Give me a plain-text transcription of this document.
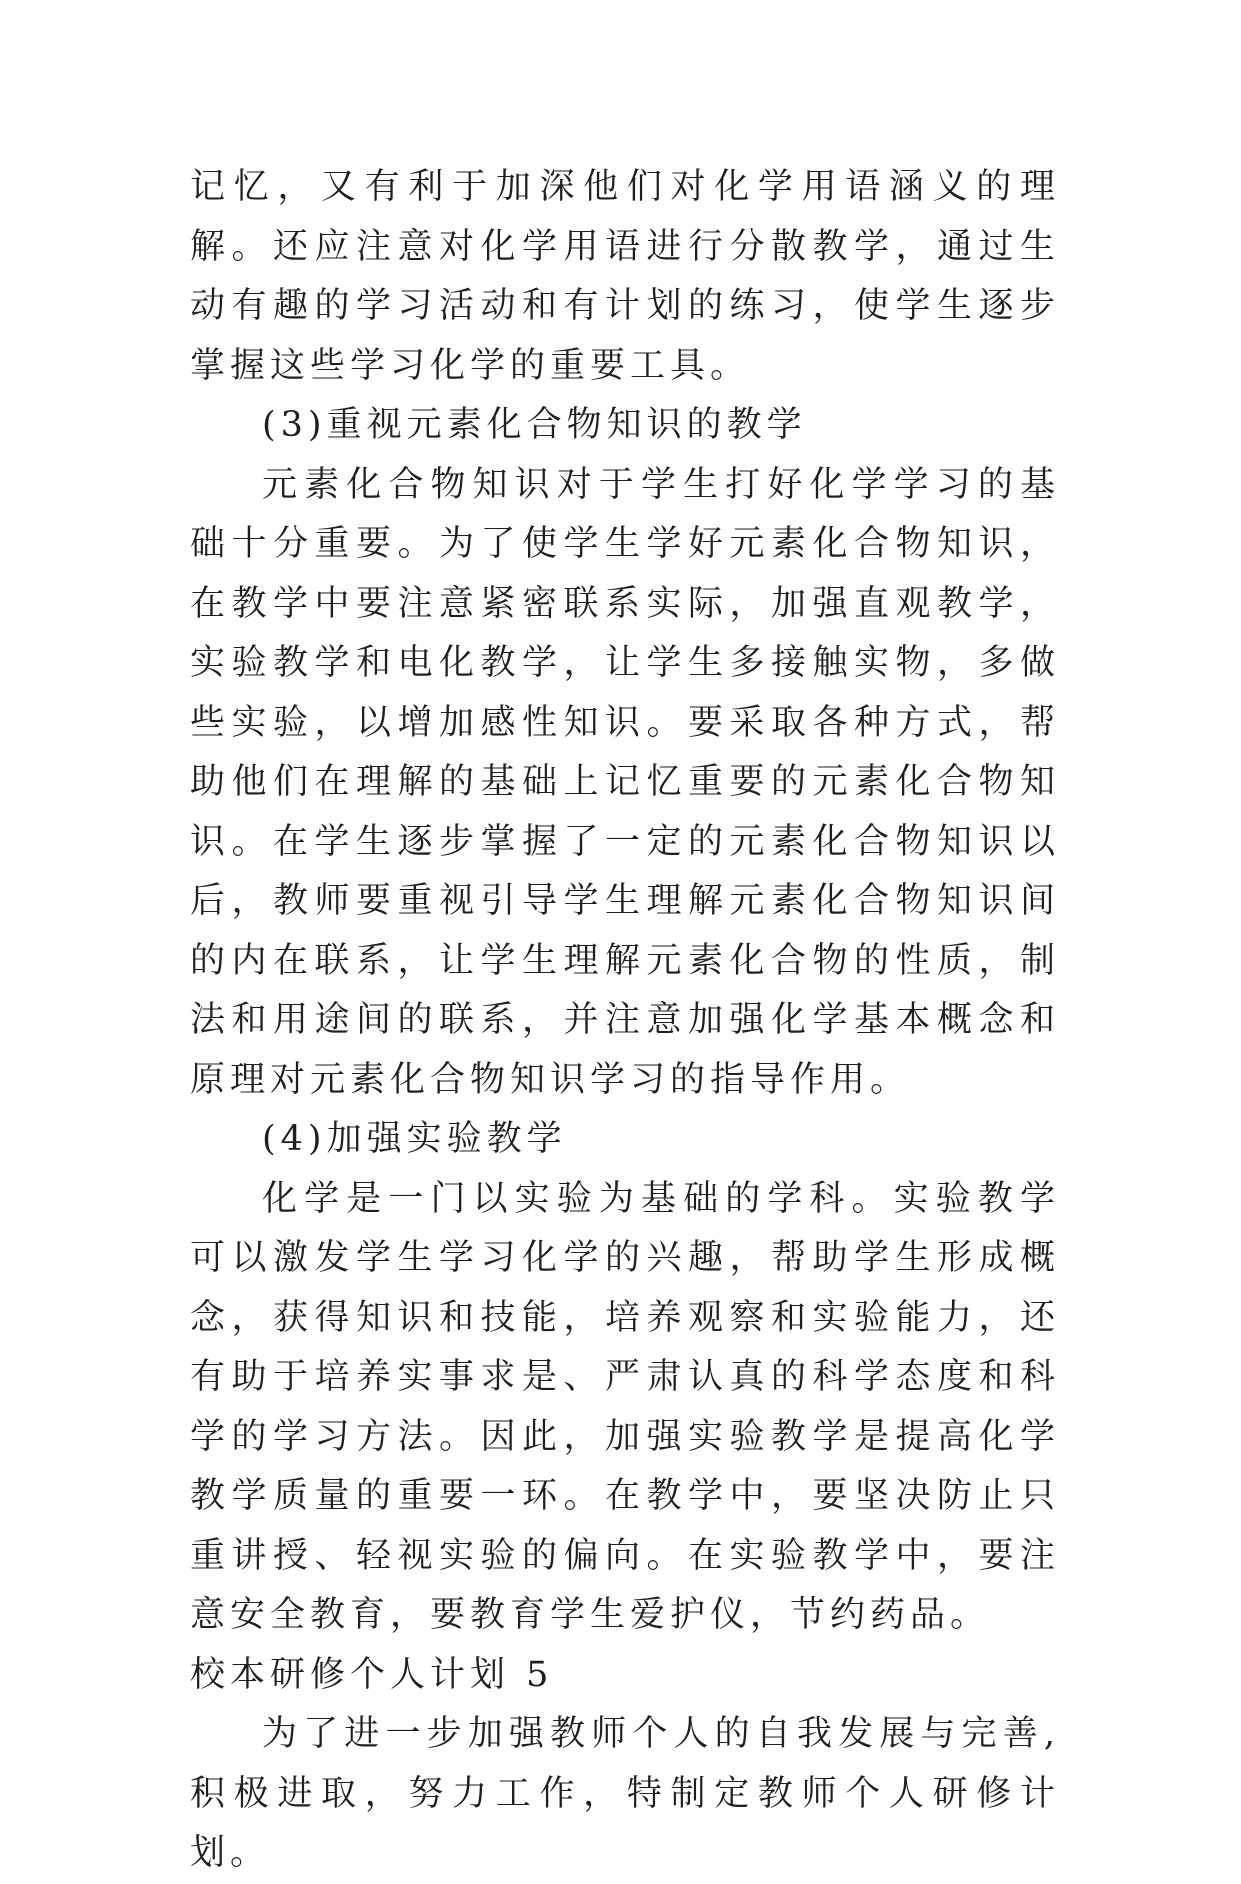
记忆，又有利于加深他们对化学用语涵义的理解。还应注意对化学用语进行分散教学，通过生动有趣的学习活动和有计划的练习，使学生逐步掌握这些学习化学的重要工具。

(3)重视元素化合物知识的教学

元素化合物知识对于学生打好化学学习的基础十分重要。为了使学生学好元素化合物知识，在教学中要注意紧密联系实际，加强直观教学，实验教学和电化教学，让学生多接触实物，多做些实验，以增加感性知识。要采取各种方式，帮助他们在理解的基础上记忆重要的元素化合物知识。在学生逐步掌握了一定的元素化合物知识以后，教师要重视引导学生理解元素化合物知识间的内在联系，让学生理解元素化合物的性质，制法和用途间的联系，并注意加强化学基本概念和原理对元素化合物知识学习的指导作用。

(4)加强实验教学

化学是一门以实验为基础的学科。实验教学可以激发学生学习化学的兴趣，帮助学生形成概念，获得知识和技能，培养观察和实验能力，还有助于培养实事求是、严肃认真的科学态度和科学的学习方法。因此，加强实验教学是提高化学教学质量的重要一环。在教学中，要坚决防止只重讲授、轻视实验的偏向。在实验教学中，要注意安全教育，要教育学生爱护仪，节约药品。

校本研修个人计划 5

为了进一步加强教师个人的自我发展与完善,积极进取，努力工作，特制定教师个人研修计划。
